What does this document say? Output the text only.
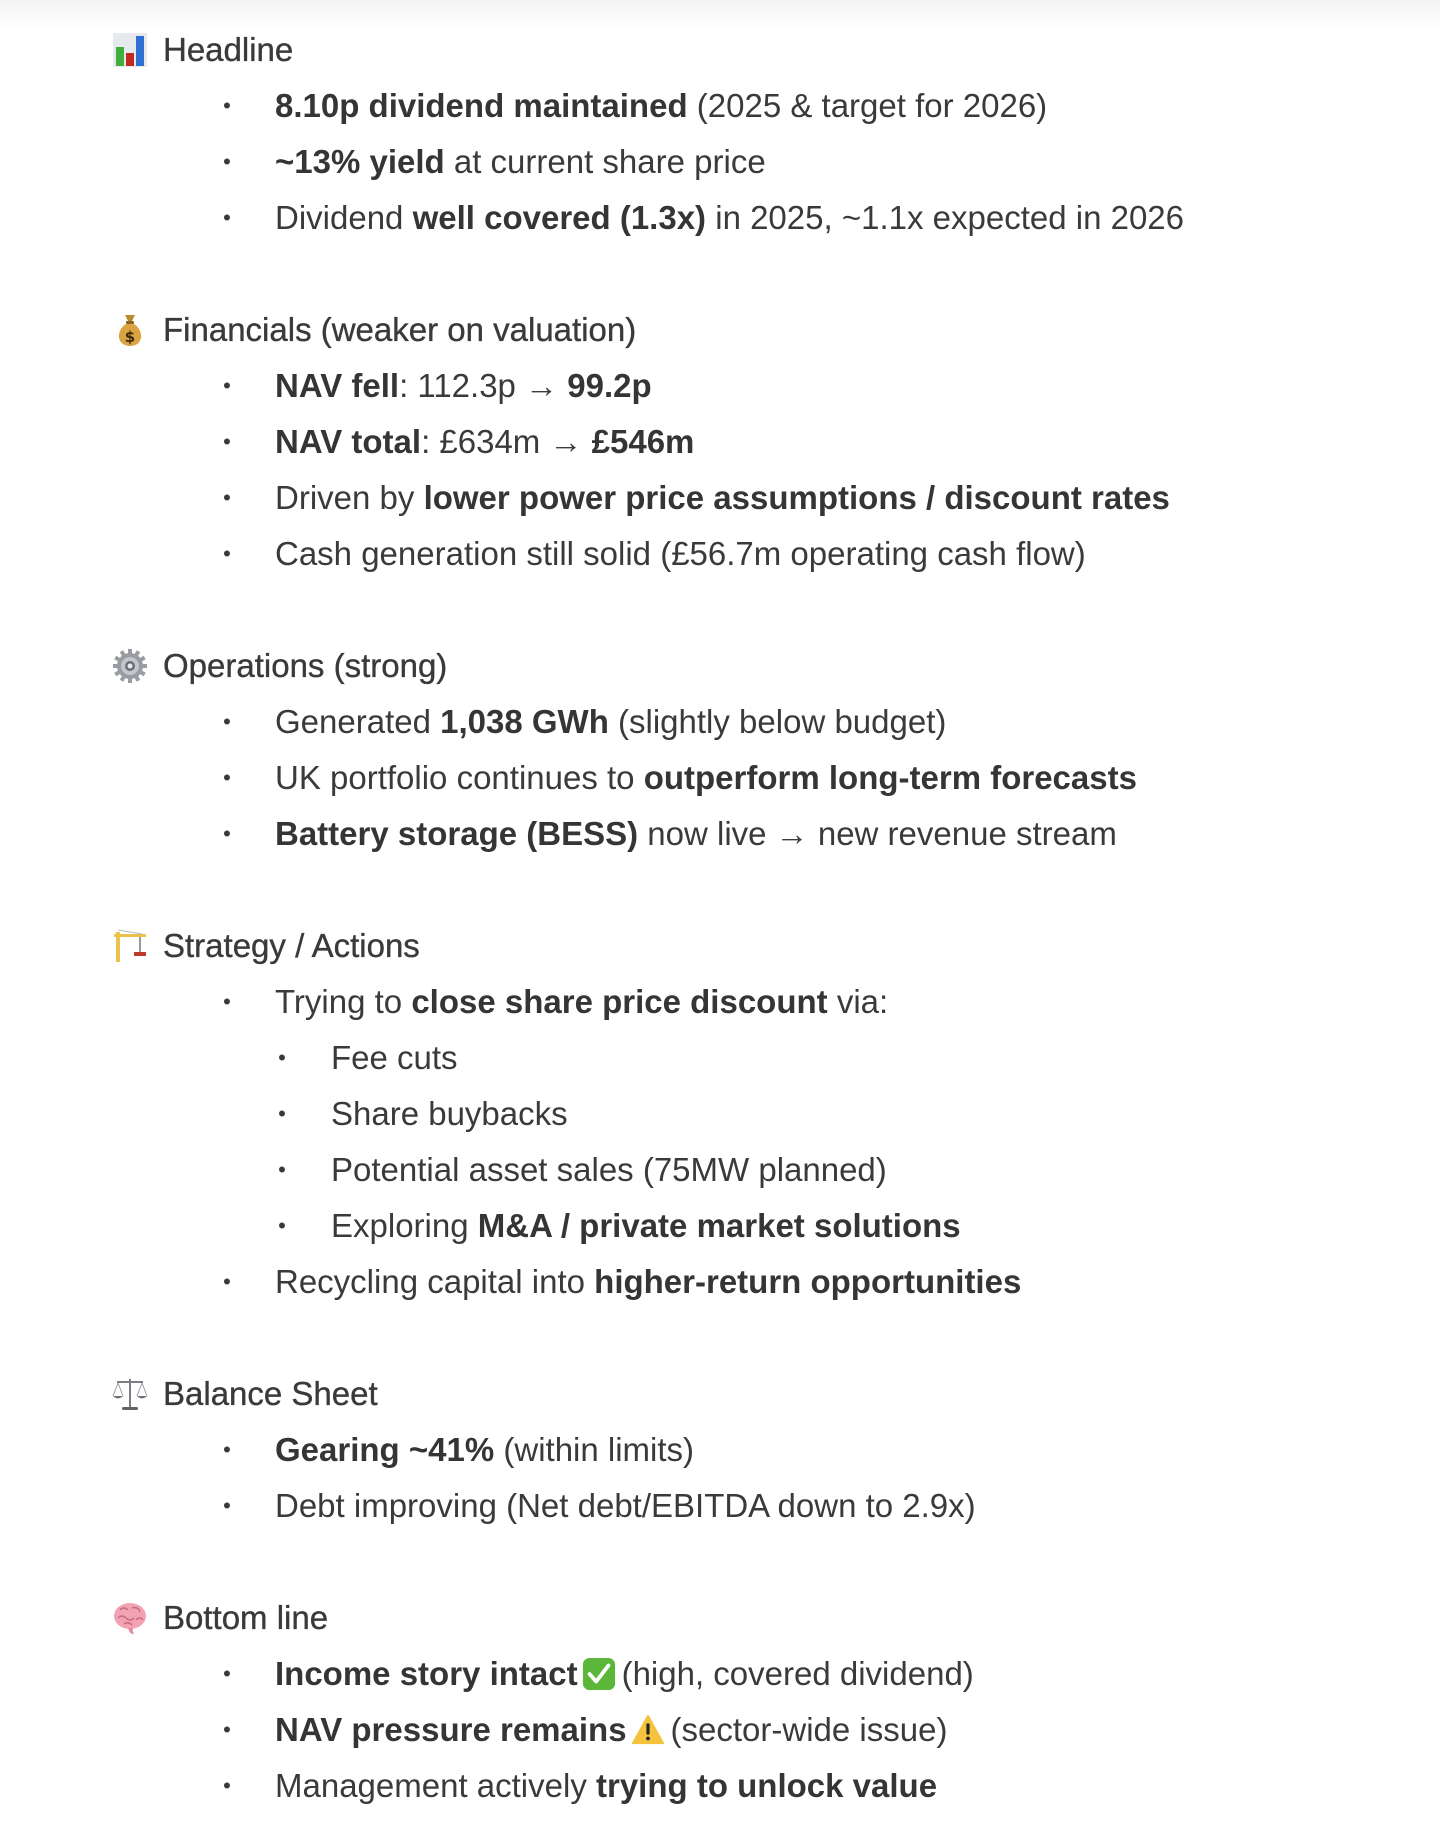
Headline
• 8.10p dividend maintained (2025 & target for 2026)
• ~13% yield at current share price
• Dividend well covered (1.3x) in 2025, ~1.1x expected in 2026
$ Financials (weaker on valuation)
• NAV fell: 112.3p → 99.2p
• NAV total: £634m → £546m
• Driven by lower power price assumptions / discount rates
• Cash generation still solid (£56.7m operating cash flow)
Operations (strong)
• Generated 1,038 GWh (slightly below budget)
• UK portfolio continues to outperform long-term forecasts
• Battery storage (BESS) now live → new revenue stream
Strategy / Actions
• Trying to close share price discount via:
• Fee cuts
• Share buybacks
• Potential asset sales (75MW planned)
• Exploring M&A / private market solutions
• Recycling capital into higher-return opportunities
Balance Sheet
• Gearing ~41% (within limits)
• Debt improving (Net debt/EBITDA down to 2.9x)
Bottom line
• Income story intact (high, covered dividend)
• NAV pressure remains (sector-wide issue)
• Management actively trying to unlock value
